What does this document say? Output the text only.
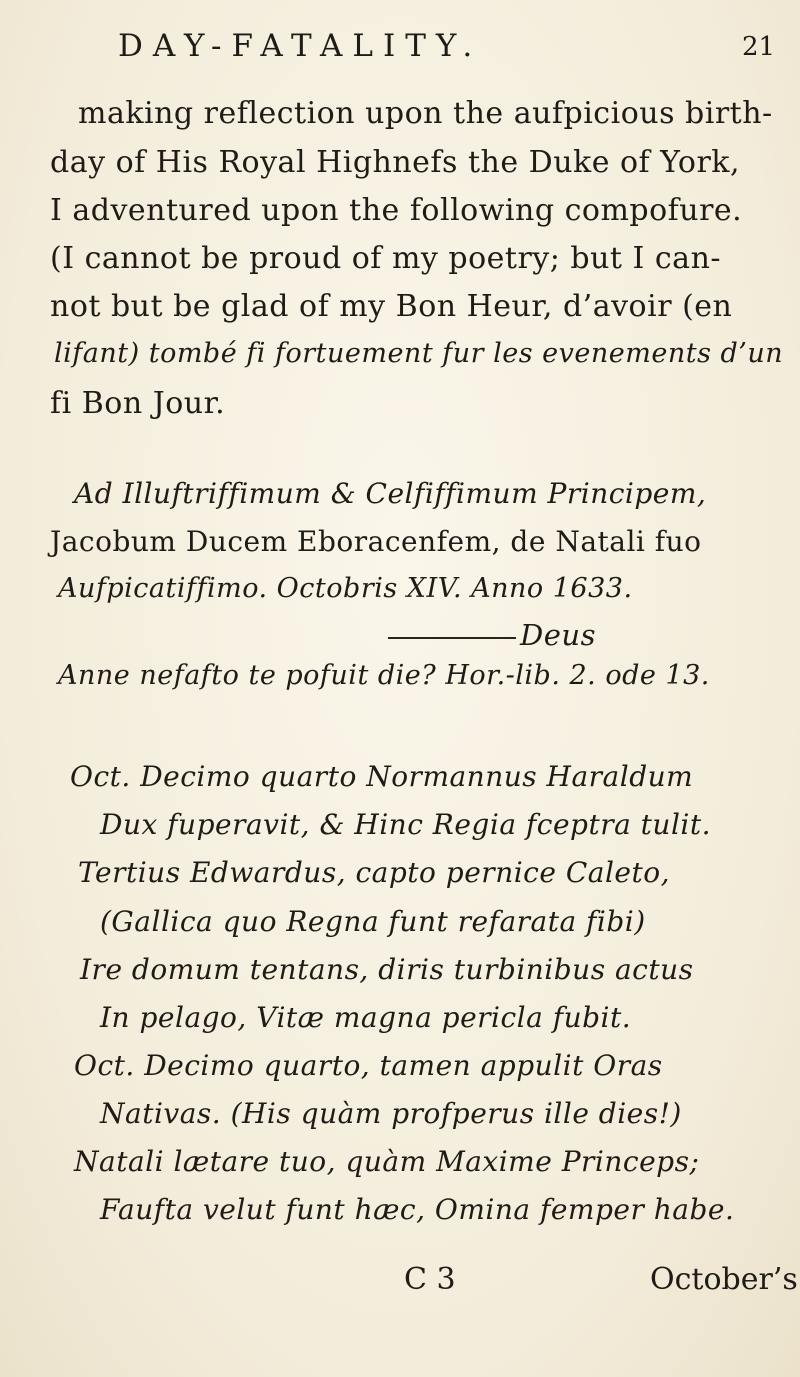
DAY-FATALITY.	21
making reflection upon the aufpicious birth-
day of His Royal Highnefs the Duke of York,
I adventured upon the following compofure.
(I cannot be proud of my poetry; but I can-
not but be glad of my Bon Heur, d’avoir (en
lifant) tombé fi fortuement fur les evenements d’un
fi Bon Jour.
Ad Illuftriffimum & Celfiffimum Principem,
Jacobum Ducem Eboracenfem, de Natali fuo
Aufpicatiffimo. Octobris XIV. Anno 1633.
Deus
Anne nefafto te pofuit die? Hor.-lib. 2. ode 13.
Oct. Decimo quarto Normannus Haraldum
Dux fuperavit, & Hinc Regia fceptra tulit.
Tertius Edwardus, capto pernice Caleto,
(Gallica quo Regna funt refarata fibi)
Ire domum tentans, diris turbinibus actus
In pelago, Vitæ magna pericla fubit.
Oct. Decimo quarto, tamen appulit Oras
Nativas. (His quàm profperus ille dies!)
Natali lætare tuo, quàm Maxime Princeps;
Faufta velut funt hæc, Omina femper habe.
C 3	October’s
